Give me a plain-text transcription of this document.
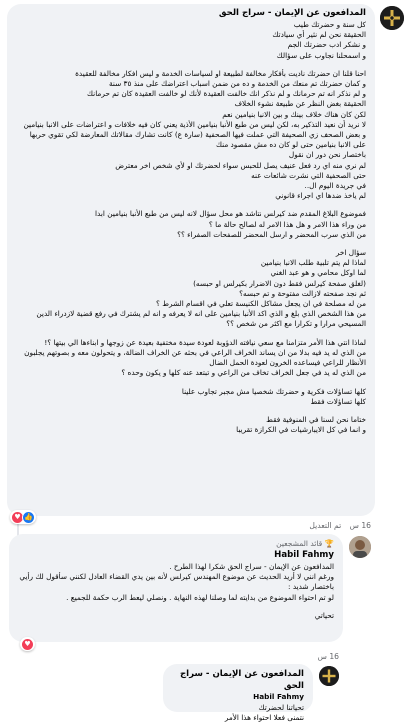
المدافعون عن الإيمان - سراج الحق
كل سنة و حضرتك طيب
الحقيقة نحن لم نثير أي سيادتك
و نشكر ادب حضرتك الجم
و اسمحلنا نجاوب على سؤالك
احنا قلنا ان حضرتك ناديت بأفكار مخالفة لطبيعة او لسياسات الخدمة و ليس افكار مخالفة للعقيدة
و كمان حضرتك تم منعك من الخدمة و ده من ضمن اسباب اعتراضك على منذ ٣٥ سنة
و لم نذكر انه تم حرمانك و لم نذكر انك خالفت العقيدة لأنك لو خالفت العقيدة كان تم حرمانك
الحقيقة بغض النظر عن طبيعة نشوء الخلاف
لكن كان هناك خلاف بينك و بين الانبا بنيامين نعم
لا نريد أن نعيد التذكير به، لكن ليس من طبع الأنبا بنيامين الأذية يعني كان فيه خلافات و اعتراضات على الانبا بنيامين
و بعض الصحف زي الصحيفة التي عملت فيها الصحفية (سارة ع) كانت تشارك مقالاتك المعارضة لكي تقوي حربها
على الانبا بنيامين حتى لو كان ده مش مقصود منك
باختصار نحن دور ان نقول
لم نري منه اي رد فعل عنيف يصل للحبس سواء لحضرتك او لأي شخص اخر معترض
حتى الصحفية التي نشرت شائعات عنه
في جريدة اليوم ال..
لم ياخذ ضدها اي اجراء قانوني
فموضوع البلاغ المقدم ضد كيرلس نتاشد هو محل سؤال لانه ليس من طبع الأنبا بنيامين ابدا
من وراء هذا الامر و هل هذا الامر له لصالح حالة ما ؟
من الذي سرب المحضر و ارسل المحضر للصفحات الصفراء ؟؟
سؤال اخر
لماذا لم يتم تلبية طلب الانبا بنيامين
لما اوكل محامي و هو عبد الغني
(لغلق صفحة كيرلس فقط دون الاضرار بكيرلس او حبسه)
ثم نجد صفحته لازالت مفتوحة و تم حبسه؟
من له مصلحة في ان يجعل مشاكل الكنيسة تعلي في اقسام الشرط ؟
من هذا الشخص الذي بلغ و الذي اكد الأنبا بنيامين على انه لا يعرفه و انه لم يشترك في رفع قضية لازدراء الدين
المسيحي مرارا و تكرارا مع اكثر من شخص ؟؟
لماذا انتي هذا الأمر متزامنا مع سعي نيافته الدؤوبة لعودة سيدة مختفية بعيدة عن زوجها و ابناءها الي بيتها ؟!
من الذي له يد فيه بدلا من ان يساند الخراف الراعي في بحثه عن الخراف الضالة، و يتحولون معه و بصوتهم يجلبون
الأنظار للراعي فيساعده الخرون لعودة الحمل الضال
من الذي له يد في جعل الخراف تخاف من الراعي و تبتعد عنه كلها و يكون وحده ؟
كلها تساؤلات فكرية و حضرتك شخصيا مش مجبر تجاوب علينا
كلها تساؤلات فقط
ختاما نحن لسنا في المنوفية فقط
و انما في كل الايبارشيات في الكرازة تقريبا
♥ 👍
16 س تم التعديل
🏆 قائد المشجعين
Habil Fahmy
المدافعون عن الإيمان - سراج الحق شكرا لهذا الطرح .
ورغم انني لا أريد الحديث عن موضوع المهندس كيرلس لأنه بين يدي القضاء العادل لكنني سأقول لك رأيي
باختصار شديد :
لو تم احتواء الموضوع من بدايته لما وصلنا لهذه النهاية . ونصلي ليعط الرب حكمة للجميع .
تحياتي
♥
16 س
المدافعون عن الإيمان - سراج الحق
Habil Fahmy
تحياتنا لحضرتك
نتمنى فعلا احتواء هذا الأمر
